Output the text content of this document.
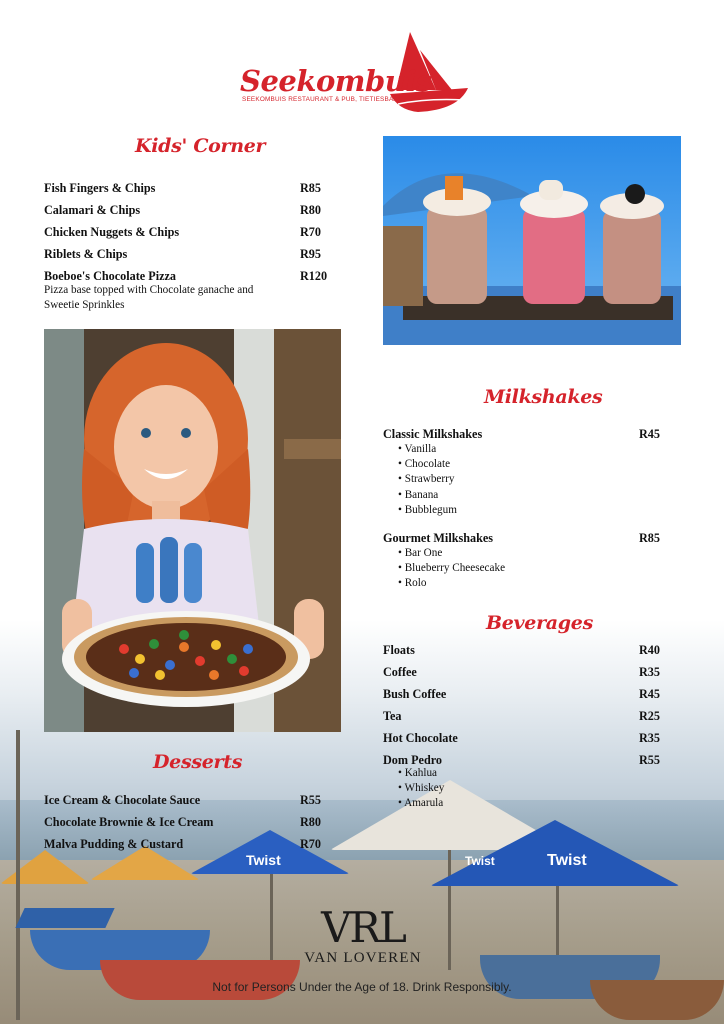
Twist	Twist
Twist
Seekombuis
SEEKOMBUIS RESTAURANT & PUB, TIETIESBAAI
Kids' Corner
Fish Fingers & Chips	R85
Calamari & Chips	R80
Chicken Nuggets & Chips	R70
Riblets & Chips	R95
Boeboe's Chocolate Pizza	R120
Pizza base topped with Chocolate ganache and Sweetie Sprinkles
Milkshakes
Classic Milkshakes	R45
• Vanilla
• Chocolate
• Strawberry
• Banana
• Bubblegum
Gourmet Milkshakes	R85
• Bar One
• Blueberry Cheesecake
• Rolo
Beverages
Floats	R40
Coffee	R35
Bush Coffee	R45
Tea	R25
Hot Chocolate	R35
Dom Pedro	R55
• Kahlua
• Whiskey
• Amarula
Desserts
Ice Cream & Chocolate Sauce	R55
Chocolate Brownie & Ice Cream	R80
Malva Pudding & Custard	R70
VRL
VAN LOVEREN
Not for Persons Under the Age of 18. Drink Responsibly.
